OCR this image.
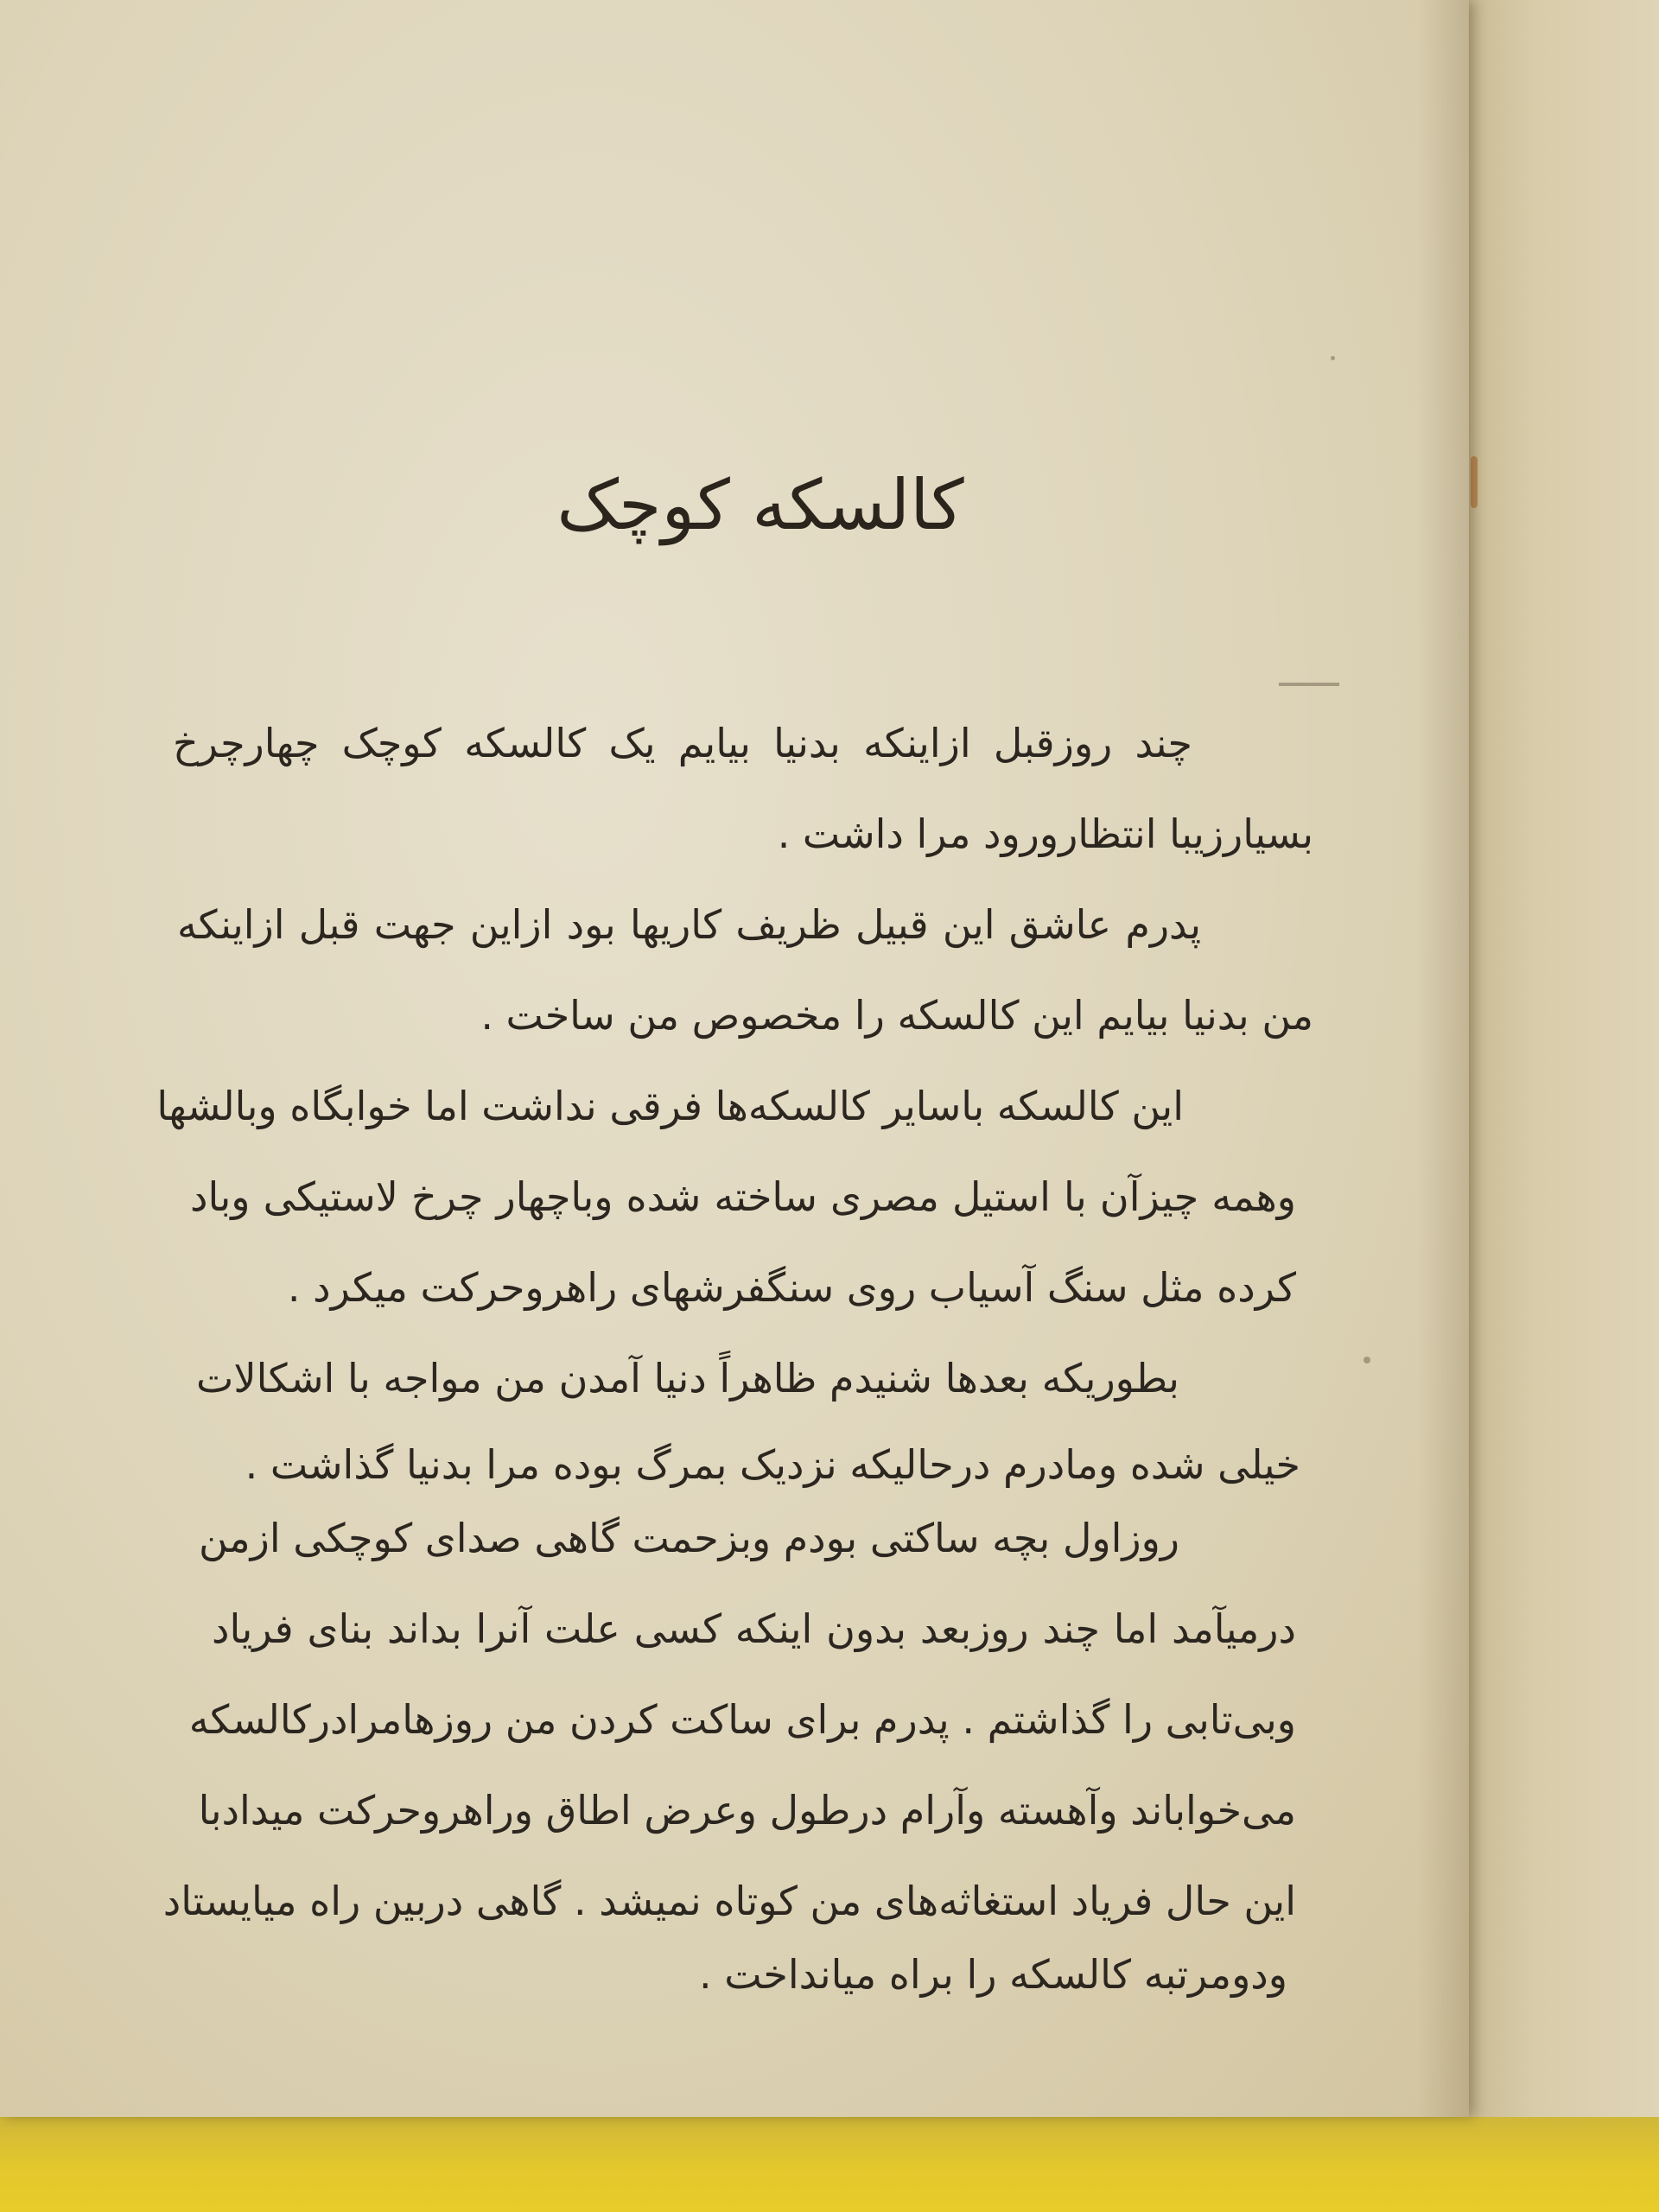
کالسکه کوچک
چند روزقبل ازاینکه بدنیا بیایم یک کالسکه کوچک چهارچرخ
بسیارزیبا انتظارورود مرا داشت .
پدرم عاشق این قبیل ظریف کاریها بود ازاین جهت قبل ازاینکه
من بدنیا بیایم این کالسکه را مخصوص من ساخت .
این کالسکه باسایر کالسکه‌ها فرقی نداشت اما خوابگاه وبالشها
وهمه چیزآن با استیل مصری ساخته شده وباچهار چرخ لاستیکی وباد
کرده مثل سنگ آسیاب روی سنگفرشهای راهروحرکت میکرد .
بطوریکه بعدها شنیدم ظاهراً دنیا آمدن من مواجه با اشکالات
خیلی شده ومادرم درحالیکه نزدیک بمرگ بوده مرا بدنیا گذاشت .
روزاول بچه ساکتی بودم وبزحمت گاهی صدای کوچکی ازمن
درمیآمد اما چند روزبعد بدون اینکه کسی علت آنرا بداند بنای فریاد
وبی‌تابی را گذاشتم . پدرم برای ساکت کردن من روزهامرادرکالسکه
می‌خواباند وآهسته وآرام درطول وعرض اطاق وراهروحرکت میدادبا
این حال فریاد استغاثه‌های من کوتاه نمیشد . گاهی دربین راه میایستاد
ودومرتبه کالسکه را براه میانداخت .
